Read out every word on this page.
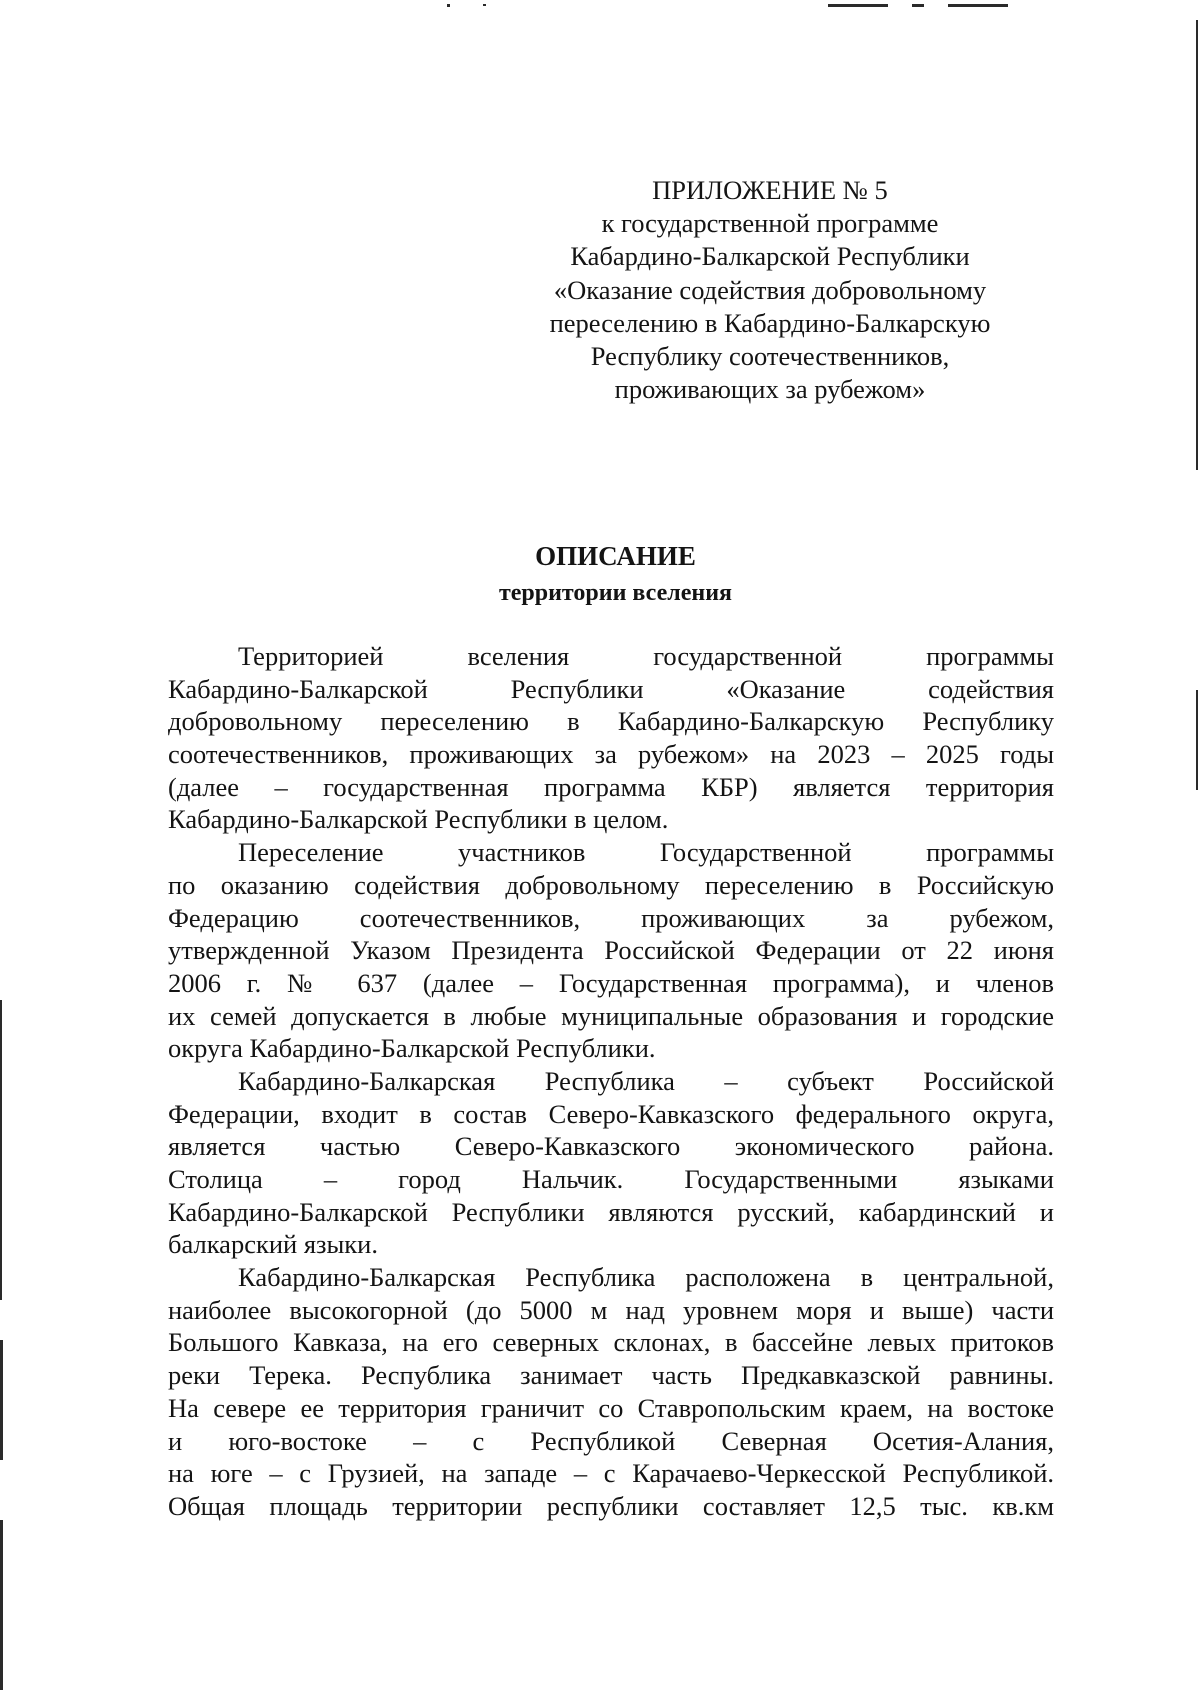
ПРИЛОЖЕНИЕ № 5
к государственной программе
Кабардино-Балкарской Республики
«Оказание содействия добровольному
переселению в Кабардино-Балкарскую
Республику соотечественников,
проживающих за рубежом»
ОПИСАНИЕ
территории вселения
Территорией вселения государственной программы
Кабардино-Балкарской Республики «Оказание содействия
добровольному переселению в Кабардино-Балкарскую Республику
соотечественников, проживающих за рубежом» на 2023 – 2025 годы
(далее – государственная программа КБР) является территория
Кабардино-Балкарской Республики в целом.
Переселение участников Государственной программы
по оказанию содействия добровольному переселению в Российскую
Федерацию соотечественников, проживающих за рубежом,
утвержденной Указом Президента Российской Федерации от 22 июня
2006 г. № 637 (далее – Государственная программа), и членов
их семей допускается в любые муниципальные образования и городские
округа Кабардино-Балкарской Республики.
Кабардино-Балкарская Республика – субъект Российской
Федерации, входит в состав Северо-Кавказского федерального округа,
является частью Северо-Кавказского экономического района.
Столица – город Нальчик. Государственными языками
Кабардино-Балкарской Республики являются русский, кабардинский и
балкарский языки.
Кабардино-Балкарская Республика расположена в центральной,
наиболее высокогорной (до 5000 м над уровнем моря и выше) части
Большого Кавказа, на его северных склонах, в бассейне левых притоков
реки Терека. Республика занимает часть Предкавказской равнины.
На севере ее территория граничит со Ставропольским краем, на востоке
и юго-востоке – с Республикой Северная Осетия-Алания,
на юге – с Грузией, на западе – с Карачаево-Черкесской Республикой.
Общая площадь территории республики составляет 12,5 тыс. кв.км
